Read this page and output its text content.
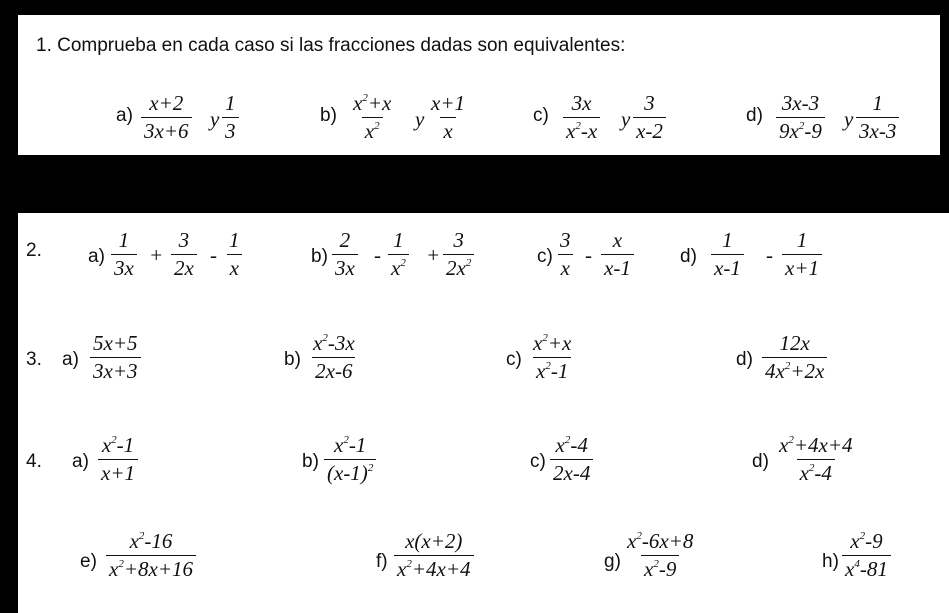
1. Comprueba en cada caso si las fracciones dadas son equivalentes:
$a) \frac{x+2}{3x+6}$ y $\frac{1}{3}$	$b) \frac{x^2+x}{x^2}$ y $\frac{x+1}{x}$	$c) \frac{3x}{x^2-x}$ y $\frac{3}{x-2}$	$d) \frac{3x-3}{9x^2-9}$ y $\frac{1}{3x-3}$
2. $a) \frac{1}{3x} + \frac{3}{2x} - \frac{1}{x}$	$b) \frac{2}{3x} - \frac{1}{x^2} + \frac{3}{2x^2}$	$c) \frac{3}{x} - \frac{x}{x-1} d) \frac{1}{x-1} - \frac{1}{x+1}$
3. $a) \frac{5x+5}{3x+3}$	$b) \frac{x^2-3x}{2x-6}$	$c) \frac{x^2+x}{x^2-1}$	$d) \frac{12x}{4x^2+2x}$
4. $a) \frac{x^2-1}{x+1}$	$b) \frac{x^2-1}{(x-1)^2}$	$c) \frac{x^2-4}{2x-4}$	$d) \frac{x^2+4x+4}{x^2-4}$
$e) \frac{x^2-16}{x^2+8x+16}$	$f) \frac{x(x+2)}{x^2+4x+4}$	$g) \frac{x^2-6x+8}{x^2-9}$	$h) \frac{x^2-9}{x^4-81}$
